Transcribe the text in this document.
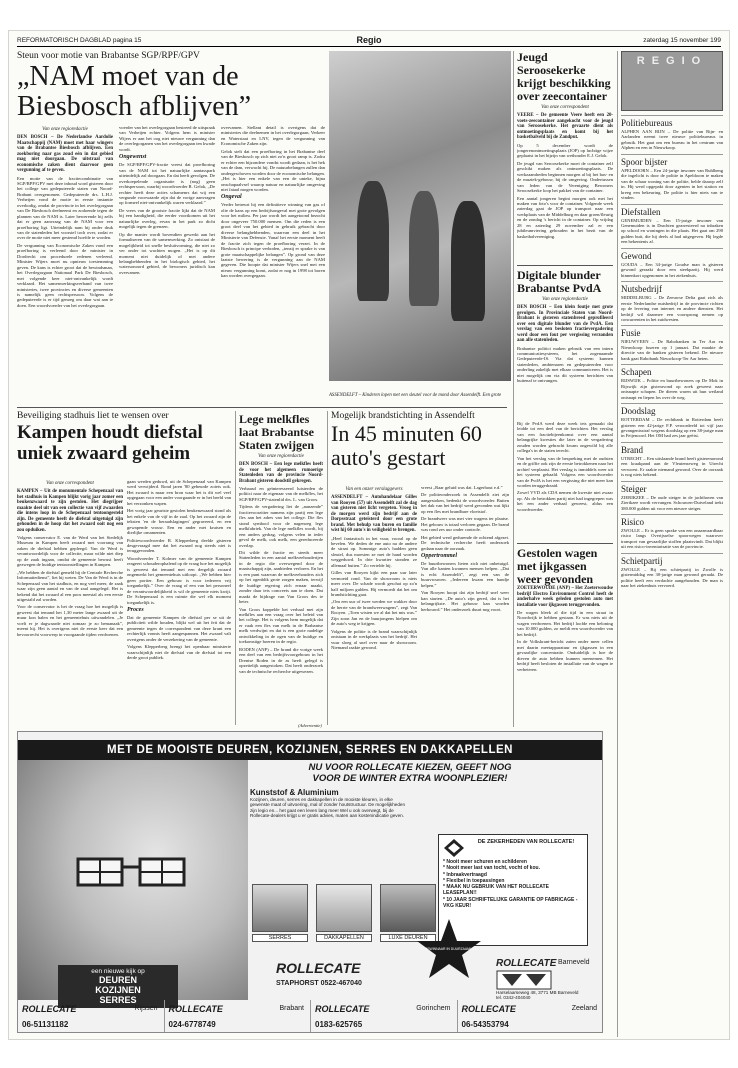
REFORMATORISCH DAGBLAD pagina 15	Regio	zaterdag 15 november 199
Steun voor motie van Brabantse SGP/RPF/GPV
„NAM moet van de Biesbosch afblijven”
Van onze regioredactie

DEN BOSCH – De Nederlandse Aardolie Maatschappij (NAM) moet met haar wingers van de Brabantse Biesbosch afblijven. Een zoekboring naar gas zoud eén in dat gebied mag niet doorgaan. De uitstraal van economische zaken dient daarvoor geen vergunning af te geven.

Een motie van de fractiecombinatie van SGP/RPF/GPV met deze inhoud word gisteren door het college van gedeputeerde staten van Noord-Brabant overgenomen. Gedeputeerde drs. L.H.J. Verheijen vond de motie in eerste instantie overbodig, omdat de provincie in het overlegorgaan van De Biesbosch deelneemt en zodoende tegen de plannen van de NAM is. Later bewerende hij zelfs dat er geen aanvraag van de NAM voor een proefboring ligt. Uiteindelijk nam hij onder druk van de statenleden het voorstel toch over, zodat er over de motie niet meer gestemd hoefde te worden.

De vergunning van Economische Zaken vond een proefboring is verleend door de minister in Dordrecht om procedurele redenen verleend. Minister Wijers moet nu opnieuw toestemming geven. De kans is echter groot dat de bewindsman, het Overlegorgaan Nationaal Park De Biesbosch, met volgende keer niet-ontvankelijk wordt verklaard. Het samenwerkingsverband van twee ministeries, twee provincies en diverse gemeenten is namelijk geen rechtspersoon. Volgens de gedeputeerde is er tijd genoeg om daar wat aan te doen. Een woordvoerder van het overlegorgaan.

voerder van het overlegorgaan bestreed de uitspraak van Verheijen echter. Volgens hem is minister Wijers er aan het oog niet nieuwe vergunning dan de overlegorganen van het overlegorgaan ten kwade wordt.

Ongewenst

De SGP/RPF/GPV-fractie vreest dat proefboring van de NAM tot het natuurlijke aantasspark uiteindelijk zal doorgaan. En dat heeft gevolgen. De overkoepelende organisatie is (nog) geen rechtspersoon, waarbij woordvoerder R. Gelok, „De rechter heeft deze acties schamenrs dat wij een vergunde voorwaarde zijn dat de vorige aanvragen op formeel niet-ontvankelijk waren verklaard.”

De vrees van de grootste fractie lijkt dat de NAM bij een handigheid, die eerder voortkomen uit het natuurlijke overleg, ervan in het park zo dicht mogelijk tegen de grenzen.

Op die manier wordt bovendien gewerkt aan het formaliseren van de samenwerking. Zo ontstaat de mogelijkheid tot snelle besluitvorming, die niet zo ver onder tot wachten mogen. „Het is op dit moment niet duidelijk of met andere belanghebbenden in het biologisch gebied, het watersonoord gebied, de bewoners juridisch kan overvamen.

overvamen. Stellant detail is overigens dat de ministeries die deelnemen in het overlegorgaan, Verkeer en Waterstaat en LNV, tegen de vergunning van Economische Zaken zijn.

Gelok stelt dat een proefboring in het Brabantse deel van de Biesbosch op zich niet zo'n groot ramp is. Zodra er echter een bijzondere vondst wordt gedaan, is het hek van de dam, verwacht hij. De natuurbelangen zullen dan ondergeschoven worden door de economische belangen. „Het is hier een enkele van een de unieke, bijna onschapaalvsel waarop natuur en natuurlijke omgeving niet fataal mogen worden.

Ongeval

Verder betreurt hij een definitieve winning van gas of olie de kans op een bedrijfsongeval met grote gevolgen voor het milieu. Per jaar wordt het aangetoond bezocht door ongeveer 750.000 mensen. Om die reden is een groot deel van het gebied in gebruik gebracht door diverse belanghebbenden, waarvan een deel in het Ministerie van Defensie. Vanaf het eerste moment heeft de fractie zich tegen de proefboring verzet. In de Biesbosch is principe verboden, „tenzij er sprake is van grote maatschappelijke belangen”. Op grond van deze laatste bewering is de vergunning aan de NAM gegeven. Die hoopte dat minister Wijers snel met een nieuw vergunning komt, zodat er nog in 1998 tot boren kan worden overgegaan.

ASSENDELFT – Kinderen lopen met een sleutel voor de mond door Assendelft. Een grote
Jeugd Seroosekerke krijgt beschikking over zeecontainer
Van onze correspondent

VEERE – De gemeente Veere heeft een 20-voets-zeecontainer aangekocht voor de jeugd van Seroosekerke. Het gevaarte dient als ontmoetingsplaats en komt bij het basketbalveld bij de Zandput.

Op 5 december wordt de jongerenontmoetingsplaats (JOP) op luchtige wijze geplaatst in het bijzijn van wethouder E.J. Gelok.

De jeugd van Seroosekerke moet de container zelf geschikt maken als ontmoetingsplaats. De werkzaamheden beginnen morgen al bij het bas- en de muziek-gebouw, bij de omgeving. Ondertussen van leden van de Vereniging Bewoners Seroosekerke loop het pakket van de container.

Een aantal jongeren begint morgen ook met het maken van foto's voor de container. Volgende week zaterdag gaat de JOP op transport naar een werkplaats van de Middelburg en daar groen/fleurig en de zondag 's bericht in de container. Op vrijdag 28 en zaterdag 29 november zal er een jubileumviering gehouden in het bezit van de basketbalvereniging.

Digitale blunder Brabantse PvdA
Van onze regioredactie

DEN BOSCH – Een klein foutje met grote gevolgen. In Provinciale Staten van Noord-Brabant is gisteren statenbreed geprofileerd over een digitale blunder van de PvdA. Een verslag van een besloten fractievergadering werd door een fout per vergissing verzonden aan alle statenleden.

Brabantse politici maken gebruik van een intern communicatiesysteem, het zogenaamde Gedeputeerde-IS. Via dat systeem kunnen statenleden, ambtenaren en gedeputeerden voor onderling zakelijk met elkaar communiceren. Het is niet mogelijk om via dit systeem berichten van buitenaf te ontvangen.

Beveiliging stadhuis liet te wensen over
Kampen houdt diefstal uniek zwaard geheim
Van onze correspondent

KAMPEN – Uit de monumentale Schepenzaal van het stadhuis in Kampen blijkt vorig jaar zomer een beukenzwaard te zijn gestolen. Het diegrijper maakte deel uit van een collectie van vijf zwaarden die intens loop in de Schepenzaal tentoongesteld zijn. De gemeente heeft de diefstal uitgetuigd zijn gehouden in de hoop dat het zwaard ooit nog een zou opduiken.

Volgens conservator E. van de Werd van het Stedelijk Museum in Kampen heeft zwaard met voorrang van zaken de diefstal hebben gepleegd. Van de Werd is verantwoordelijk voor de collectie, maar wilde niet diep op de zaak ingaan, omdat de gemeente bewust heeft gezwegen de huidige tentoonstellingen in Kampen.

„We hebben de diefstal gemeld bij de Centrale Recherche Informatiedienst”, liet hij weten. De Van de Werd is in de Schepenzaal van het stadhuis, en nog veel meer, de zaak waar zijn geen aantal en van de zaal aangelegd. Het is bekend dat het zwaard al een poos meestal als een eerste uitgestald zal worden.

Voor de conservator is het de vraag hoe het mogelijk is geweest dat iemand het 1,30 meter lange zwaard uit de muur kon halen en het gemeentehuis uitwandelen. „Je voelt er je dagwaarde niet zomaar je zo bemanaak”, meent hij. Het is overigens niet de eerste keer dat een bevoorrecht voorwerp in voorgaande tijden verdwenen.

gaan werden geduwd, uit de Schepenzaal van Kampen werd verwijderd. Rond jaren '80 gebeurde zoiets ook. Het zwaard is maar een bron waar het is dit wel veel opgegaan voor een ander voorgaande er in het beeld van het verzonken wapen.

Het vorig jaar geuriste gestolen beukenzwaard stond als het enkele van de vijf in de zaal. Op het zwaard zijn de teksten 'en de beraadslagingen' gegraveerd, en een gewapende vrouw. Een en ander met kruisen en dierlijke ornamenten.

Politiewoordvoerder R. Klepperberg deelde gisteren desgevraagd mee dat het zwaard nog steeds niet is teruggevonden.

Woordvoerder T. Kolmer van de gemeente Kampen reageert schouderophalend op de vraag hoe het mogelijk is geweest dat iemand met een dergelijk zwaard ongemerkt het gemeentehuis uitloopt. „We hebben hier geen portier. Een gebouw is voor iedereen vrij toegankelijk.” Over de vraag of een van het personeel de verantwoordelijkheid is wil de gemeente niets kwijt. De Schepenzaal is een ruimte die wel elk moment toegankelijk is.

Proces

Dat de gemeente Kampen de diefstal per se uit de publiciteit wilde houden, blijkt wel uit het feit dat de gemeente tegen de correspondent van deze krant een rechterlijk vonnis heeft aangespannen. Het zwaard valt overigens onder de verzekering van de gemeente.

Volgens Klepperberg brengt het openbaar ministerie waarschijnlijk niet de diefstal van de diefstal tot een derde groot publiek.

Lege melkfles laat Brabantse Staten zwijgen
Van onze regioredactie

DEN BOSCH – Een lege melkfles heeft de voor het algemeen rumoerige Statenleden van de provincie Noord-Brabant gisteren doodstil gekregen.

Verbaasd en geïnteresseerd luisterden de politici naar de eigenaar van de melkfles, het SGP/RPF/GPV-statenlid drs. L. van Groos.

Tijdens de vergadering liet de „nanzende” fractievoorzitter namens zijn partij een lege fles aan het adres van het college. Die fles stond symbool voor de nagenoeg lege melkfabriek. Van de lege melkfles wordt, bij een anders gedrag, volgens velen in ieder geval de melk, ook melk, een gereduceerde overlap.

Dit wilde de fractie en steeds meer Statenleden in een aantal melkveehouderijen in de regio die overwegend door de maatschappij zijn, aanbieden verloren. En het is een punt waarvan de melkveehouders zich op het ogenblik grote zorgen maken, terwijl de huidige regering zich ernaar maakt, zonder daar iets concreets aan te doen. Dat maakt de bijdrage van Van Groos des te beter.

Van Groos koppelde het verhaal met zijn melkfles aan een vraag over het beleid van het college. Het is volgens hem mogelijk dat er vaak een fles van melk in de Brabantse melk verdwijnt en dat is een grote nadelige ontwikkeling in de ogen van de huidige en toekomstige boeren in de regio.

RODEN (ANP) – De brand die vorige week een deel van een bedrijfsvoorgebouw in het Drentse Roden in de as heeft gelegd is opzettelijk aangestoken. Dat heeft onderzoek van de technische recherche uitgewezen.

Mogelijk brandstichting in Assendelft
In 45 minuten 60 auto's gestart
Van een onzer verslaggevers

ASSENDELFT – Autohandelaar Gilles van Rooyen (57) uit Assendelft zal de dag van gisteren niet licht vergeten. Vroeg in de morgen werd zijn bedrijf aan de Dorpsstraat geteisterd door een grote brand. Met behulp van buren en familie wist hij 60 auto's in veiligheid te brengen.

„Heel fantastisch in het vuur, vooral op de bevelen. We deden de ene auto na de andere de straat op. Sommige auto's hadden geen sleutel, dus moesten ze met de hand worden weggeduwd. In drie kwartier stonden ze allemaal buiten.” Zo vertelde hij.

Gilles van Rooyen kijkt een paar uur later vermoeid rond. Van de showroom is niets meer over. De schade wordt geschat op zo'n half miljoen gulden. Hij vermoedt dat het om brandstichting gaat.

„Om een uur of twee werden we wakker door de herrie van de brandweerwagens”, zegt Van Rooyen. „Toen wisten we al dat het mis was.” Zijn zoon Jan en de buurjongens hielpen om de auto's weg te krijgen.

Volgens de politie is de brand waarschijnlijk ontstaan in de werkplaats van het bedrijf. Het vuur sloeg al snel over naar de showroom. Niemand raakte gewond.

vreest „Raar geluid was dat. Lagerhout e.d.”

De politieonderzoek in Assendelft ziet zijn aangestoken, bedenkt de woordvoerder. Buiten het dak van het bedrijf werd gevonden wat lijkt op een fles met brandbare vloeistof.

De brandweer was met vier wagens ter plaatse. Het gebouw is totaal verloren gegaan. De brand was rond zes uur onder controle.

Het gebied werd gedurende de ochtend afgezet. De technische recherche heeft onderzoek gedaan naar de oorzaak.

Oppertrommel

De buurtbewoners lieten zich niet onbetuigd. Van alle kanten kwamen mensen helpen. „Dat is echt Assendelft”, zegt een van de buurvrouwen. „Iedereen kwam een handje helpen.”

Van Rooyen hoopt dat zijn bedrijf snel weer kan starten. „De auto's zijn gered, dat is het belangrijkste. Het gebouw kan worden herbouwd.” Het onderzoek duurt nog voort.

Bij de PvdA werd deze week iets gemaakt dat leidde tot een deel van de berichten. Het verslag van een fractiebijeenkomst over een aantal belangrijke kwesties die later in de vergadering zouden worden gebracht kwam ongewild bij alle collega's in de staten terecht.

Van het verslag van de bespreking met de oudsten en de griffie ook zijn de eerste betrokkenen naar het archief verplaatst. Het verslag is inmiddels weer uit het systeem gehaald. Volgens een woordvoerder van de PvdA is het een vergissing die niet meer kan worden teruggedraaid.

Zowel VVD als CDA nemen de kwestie niet zwaar op. Als de betrokken partij niet had ingegrepen was het een ander verhaal geweest, aldus een woordvoerder.

Gestolen wagen met ijkgassen weer gevonden

ZOETERWOUDE (ANP) – Het Zoeterwoudse bedrijf Electro Environment Control heeft de anderhalve week geleden gestolen auto met installatie voor ijkgassen teruggevonden.

De wagen bleek al die tijd in een straat in Noordwijk te hebben gestaan. Er was niets uit de wagen verdwenen. Het bedrijf loofde een beloning van 10.000 gulden, zo meldt een woordvoerder van het bedrijf.

In de Volkskrant-bericht zaten onder meer cellen met daarin meetapparatuur en ijkgassen in een gevaarlijke concentratie. Onduidelijk is hoe de dieven de auto hebben kunnen meenemen. Het bedrijf heeft besloten de installatie van de wagen te verbeteren.

REGIO
Politiebureaus

ALPHEN AAN RIJN – De politie van Rijn- en Aarlanden neemt twee nieuwe politiebureaus in gebruik. Het gaat om een bureau in het centrum van Alphen en een in Nieuwkoop.

Spoor bijster

APELDOORN – Een 24-jarige inwoner van Ruhlheng die ingelicht is door de politie in Apeldoorn te maken van de schaar woning van de politie, belde daarop zelf in. Hij werd opgepakt door agenten in het station en kreeg een bekeuring. De politie is hier niets van te vinden.

Diefstallen

GENEMUIDEN – Een 15-jarige inwoner van Genemuiden is in Drachten gearresteerd na inbraken op school en woningen in die plaats. Het gaat om 290 gulden buit, die hij deels al had uitgegeven. Hij legde een bekentenis af.

Gewond

GOUDA – Een 34-jarige Goudse man is gisteren gewond geraakt door een steekpartij. Hij werd binnenkort opgenomen in het ziekenhuis.

Nutsbedrijf

MIDDELBURG – De Zeeuwse Delta gaat zich als eerste Nederlandse nutsbedrijf in de provincie richten op de levering van internet en andere diensten. Het bedrijf wil daarmee een voorsprong nemen op concurrenten in het zuidwesten.

Fusie

NIEUWVEEN – De Rabobanken in Ter Aar en Nieuwkoop fuseren op 1 januari. Dat maakte de directie van de banken gisteren bekend. De nieuwe bank gaat Rabobank Nieuwkoop-Ter Aar heten.

Schapen

RIJSWIJK – Politie en buurtbewoners op De Mok in Rijswijk zijn gisteravond op zoek geweest naar ontsnapte schapen. De dieren waren uit hun weiland ontsnapt en liepen los over de weg.

Doodslag

ROTTERDAM – De rechtbank in Rotterdam heeft gisteren een 42-jarige F.P. veroordeeld tot vijf jaar gevangenisstraf wegens doodslag op een 38-jarige man in Feijenoord. Het OM had zes jaar geëist.

Brand

UTRECHT – Een uitslaande brand heeft gisterenavond een kraakpand aan de Vleutenseweg in Utrecht verwoest. Er raakte niemand gewond. Over de oorzaak is nog niets bekend.

Steiger

ZIERIKZEE – De oude steiger in de jachthaven van Zierikzee wordt vervangen. Schouwen-Duiveland trekt 380.000 gulden uit voor een nieuwe steiger.

Risico

ZWOLLE – Er is geen sprake van een onaanvaardbaar risico langs Overijsselse spoorwegen waarover transport van gevaarlijke stoffen plaatsvindt. Dat blijkt uit een risico-inventarisatie van de provincie.

Schietpartij

ZWOLLE – Bij een schietpartij in Zwolle is gistermiddag een 30-jarige man gewond geraakt. De politie heeft een verdachte aangehouden. De man is naar het ziekenhuis vervoerd.

MET DE MOOISTE DEUREN, KOZIJNEN, SERRES EN DAKKAPELLEN
een nieuwe kijk op
DEUREN
KOZIJNEN
SERRES
NU VOOR ROLLECATE KIEZEN, GEEFT NOG
VOOR DE WINTER EXTRA WOONPLEZIER!
Kunststof & Aluminium
Kozijnen, deuren, serres en dakkapellen in de mooiste kleuren, in elke gewenste maat of uitvoering, mal of zonder houtstructuur. De mogelijkheden zijn legio en... het gaat een leven lang mee! Wel u ook overwegt, bij de Rollecate-dealers krijgt u er gratis advies, maten aan kostenindicatie geven.
SERRES	DAKKAPELLEN	LUXE DEUREN
DE ZEKERHEDEN VAN ROLLECATE!
* Nooit meer schuren en schilderen
* Nooit meer last van tocht, vocht of kou.
* Inbraakvertraagd
* Flexibel in toepassingen
* MAAK NU GEBRUIK VAN HET ROLLECATE LEASEPLAN!!
* 10 JAAR SCHRIFTELIJKE GARANTIE OP FABRICAGE - VKG KEUR!
ROLLECATE
STAPHORST 0522-467040
PRIJSWINNAAR IN DUURZAAMHEID
ROLLECATE Barneveld
Harselaarseweg 48, 3771 MB Barneveld
tel. 0342-404040
ROLLECATE	Rijssen
06-51131182
ROLLECATE	Brabant
024-6778749
ROLLECATE	Gorinchem
0183-625765
ROLLECATE	Zeeland
06-54353794
(Advertentie)
